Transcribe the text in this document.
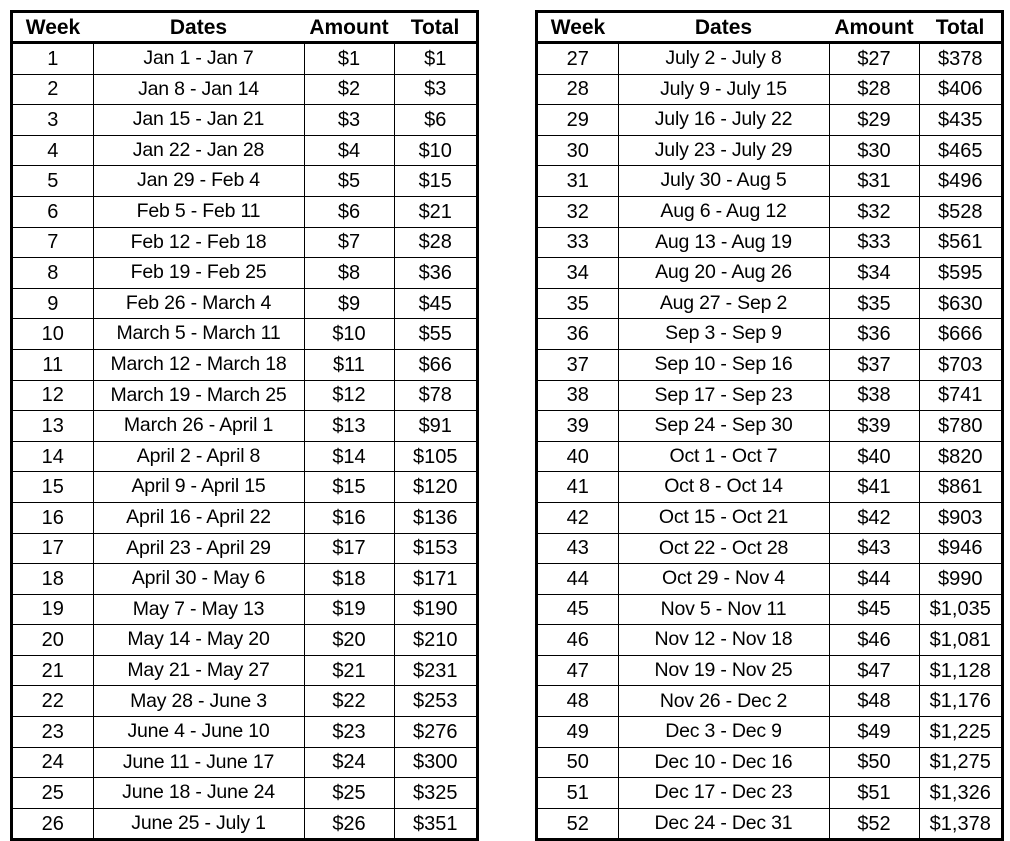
Week	Dates	Amount	Total
1	Jan 1 - Jan 7	$1	$1
2	Jan 8 - Jan 14	$2	$3
3	Jan 15 - Jan 21	$3	$6
4	Jan 22 - Jan 28	$4	$10
5	Jan 29 - Feb 4	$5	$15
6	Feb 5 - Feb 11	$6	$21
7	Feb 12 - Feb 18	$7	$28
8	Feb 19 - Feb 25	$8	$36
9	Feb 26 - March 4	$9	$45
10	March 5 - March 11	$10	$55
11	March 12 - March 18	$11	$66
12	March 19 - March 25	$12	$78
13	March 26 - April 1	$13	$91
14	April 2 - April 8	$14	$105
15	April 9 - April 15	$15	$120
16	April 16 - April 22	$16	$136
17	April 23 - April 29	$17	$153
18	April 30 - May 6	$18	$171
19	May 7 - May 13	$19	$190
20	May 14 - May 20	$20	$210
21	May 21 - May 27	$21	$231
22	May 28 - June 3	$22	$253
23	June 4 - June 10	$23	$276
24	June 11 - June 17	$24	$300
25	June 18 - June 24	$25	$325
26	June 25 - July 1	$26	$351
Week	Dates	Amount	Total
27	July 2 - July 8	$27	$378
28	July 9 - July 15	$28	$406
29	July 16 - July 22	$29	$435
30	July 23 - July 29	$30	$465
31	July 30 - Aug 5	$31	$496
32	Aug 6 - Aug 12	$32	$528
33	Aug 13 - Aug 19	$33	$561
34	Aug 20 - Aug 26	$34	$595
35	Aug 27 - Sep 2	$35	$630
36	Sep 3 - Sep 9	$36	$666
37	Sep 10 - Sep 16	$37	$703
38	Sep 17 - Sep 23	$38	$741
39	Sep 24 - Sep 30	$39	$780
40	Oct 1 - Oct 7	$40	$820
41	Oct 8 - Oct 14	$41	$861
42	Oct 15 - Oct 21	$42	$903
43	Oct 22 - Oct 28	$43	$946
44	Oct 29 - Nov 4	$44	$990
45	Nov 5 - Nov 11	$45	$1,035
46	Nov 12 - Nov 18	$46	$1,081
47	Nov 19 - Nov 25	$47	$1,128
48	Nov 26 - Dec 2	$48	$1,176
49	Dec 3 - Dec 9	$49	$1,225
50	Dec 10 - Dec 16	$50	$1,275
51	Dec 17 - Dec 23	$51	$1,326
52	Dec 24 - Dec 31	$52	$1,378
